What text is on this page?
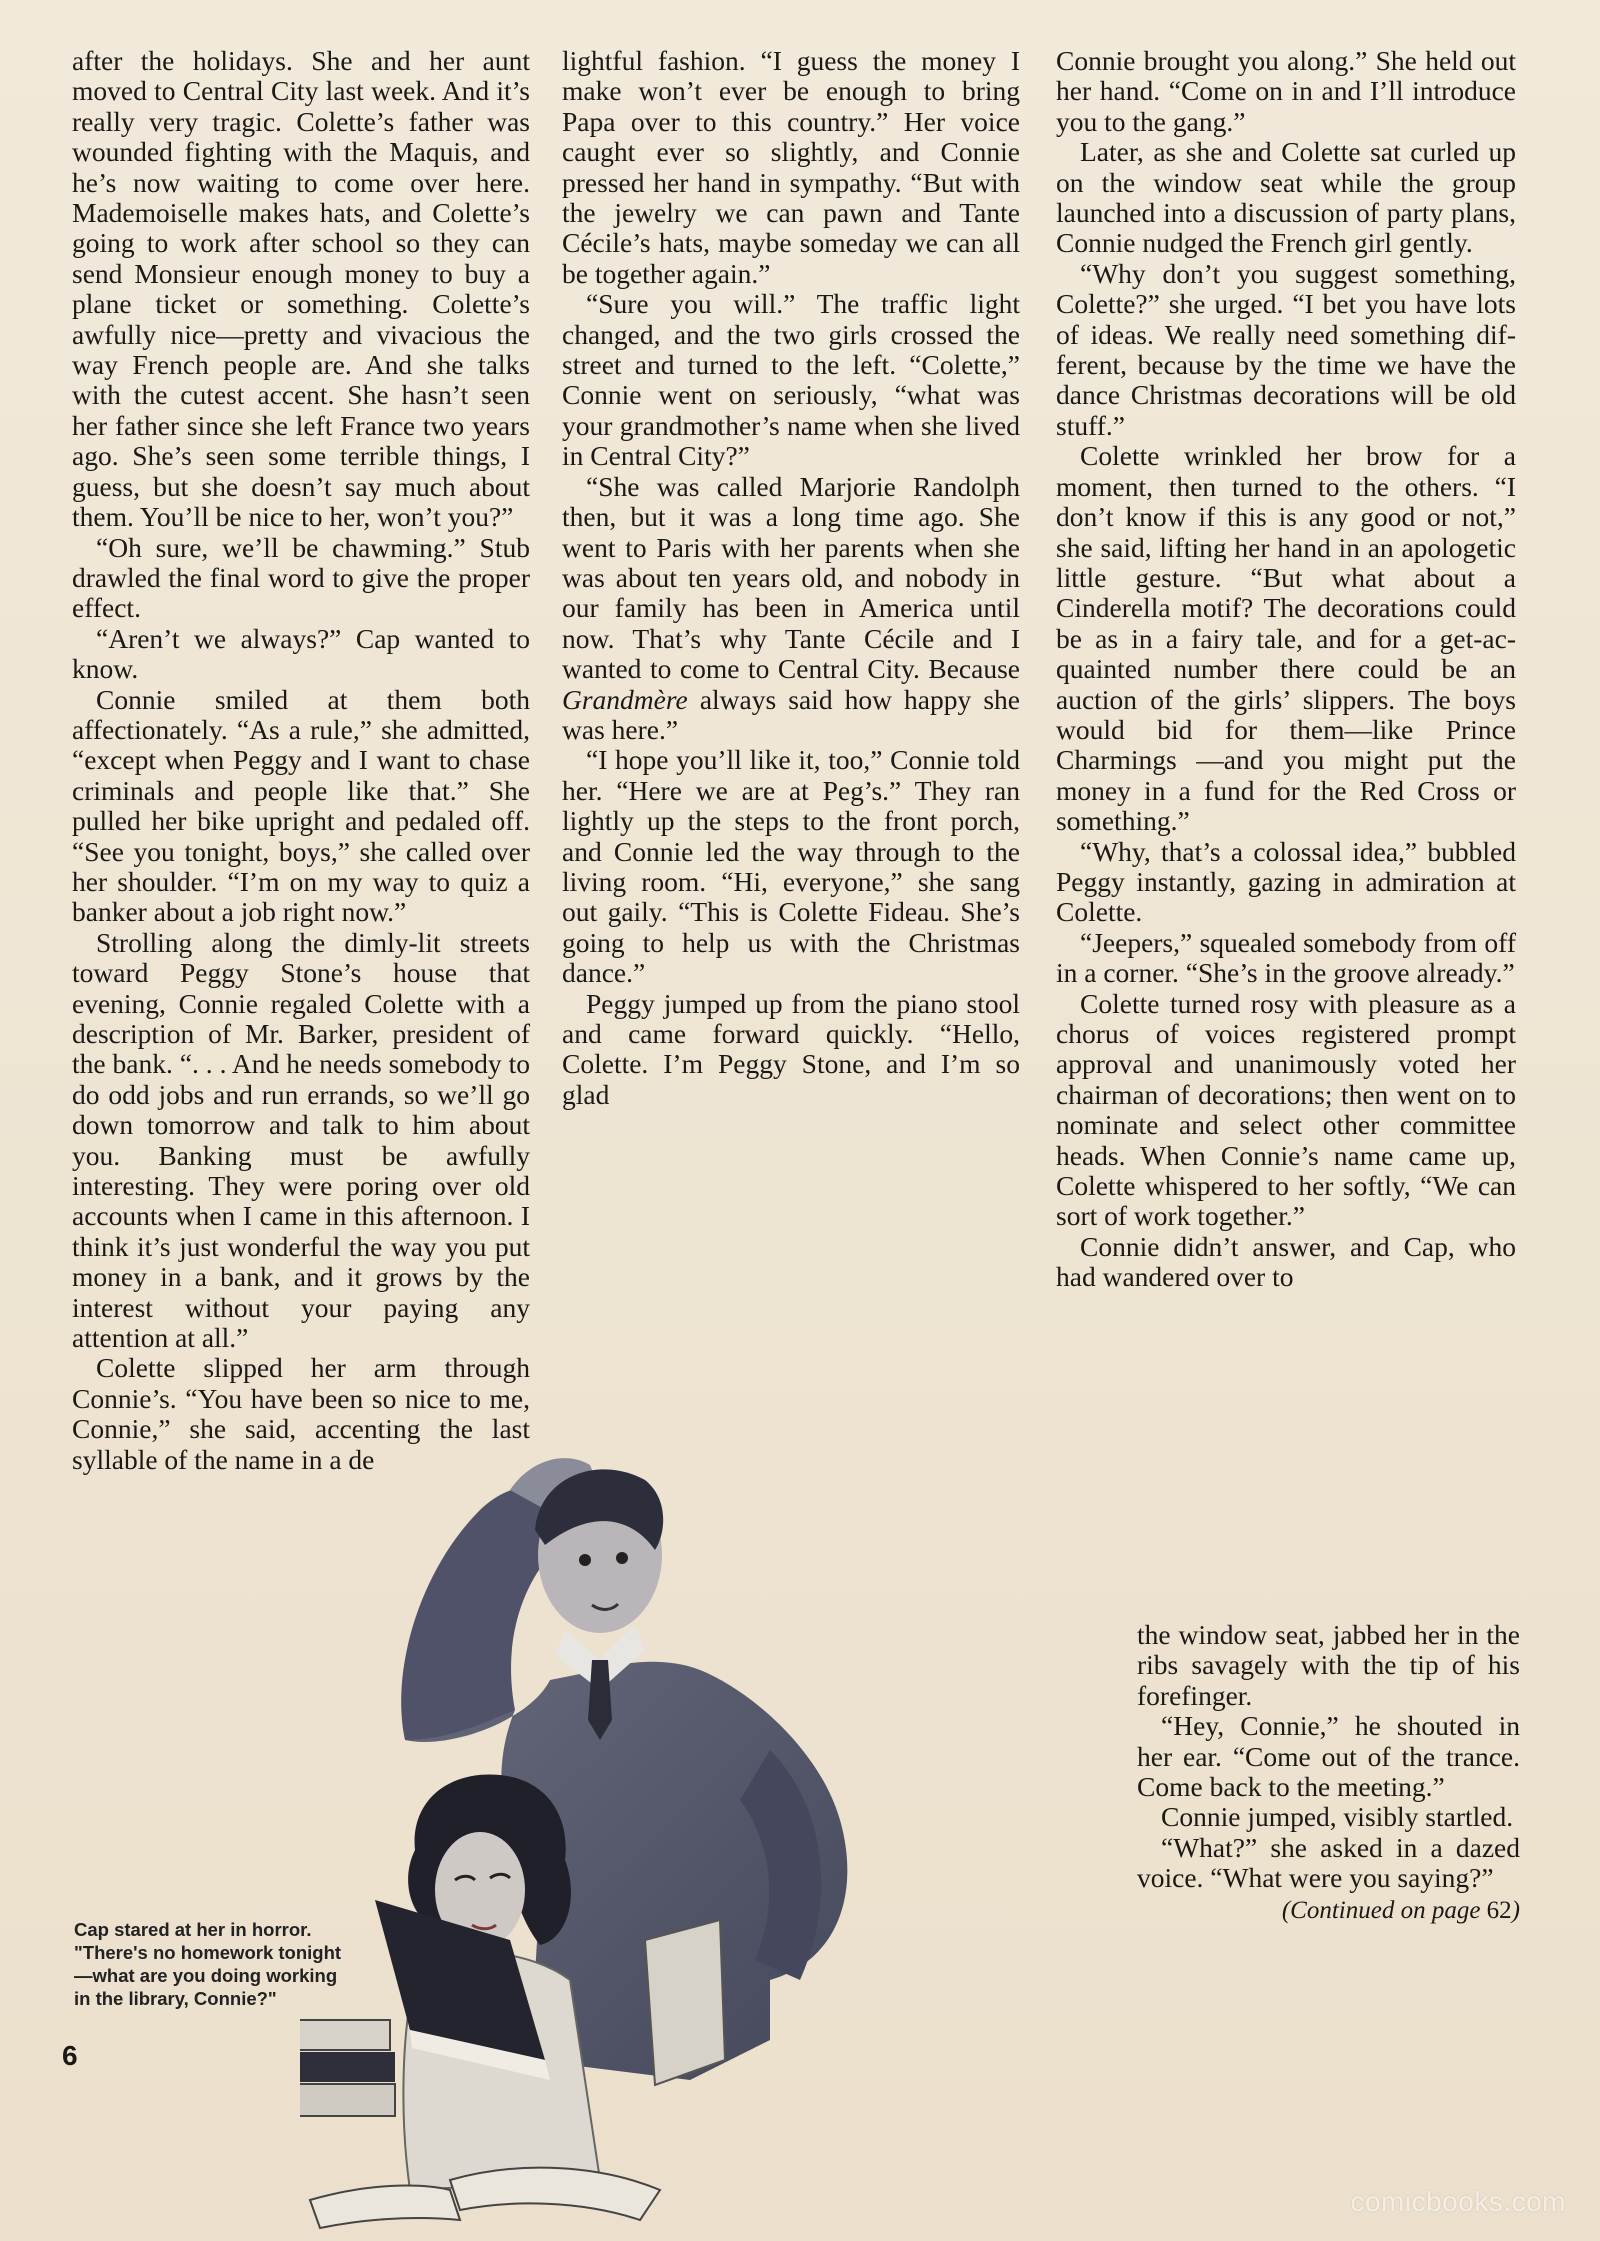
after the holidays. She and her aunt moved to Central City last week. And it’s really very tragic. Colette’s father was wounded fighting with the Maquis, and he’s now waiting to come over here. Mademoiselle makes hats, and Colette’s going to work after school so they can send Monsieur enough money to buy a plane ticket or something. Colette’s awfully nice—pretty and vivacious the way French people are. And she talks with the cutest accent. She hasn’t seen her father since she left France two years ago. She’s seen some terrible things, I guess, but she doesn’t say much about them. You’ll be nice to her, won’t you?”

“Oh sure, we’ll be chawming.” Stub drawled the final word to give the proper effect.

“Aren’t we always?” Cap wanted to know.

Connie smiled at them both affectionately. “As a rule,” she admitted, “except when Peggy and I want to chase criminals and people like that.” She pulled her bike upright and pedaled off. “See you tonight, boys,” she called over her shoulder. “I’m on my way to quiz a banker about a job right now.”

Strolling along the dimly-lit streets toward Peggy Stone’s house that evening, Connie regaled Colette with a description of Mr. Barker, president of the bank. “. . . And he needs somebody to do odd jobs and run errands, so we’ll go down tomorrow and talk to him about you. Banking must be awfully interesting. They were poring over old accounts when I came in this afternoon. I think it’s just wonderful the way you put money in a bank, and it grows by the interest without your paying any attention at all.”

Colette slipped her arm through Connie’s. “You have been so nice to me, Connie,” she said, accenting the last syllable of the name in a de

lightful fashion. “I guess the money I make won’t ever be enough to bring Papa over to this country.” Her voice caught ever so slightly, and Connie pressed her hand in sympathy. “But with the jewelry we can pawn and Tante Cécile’s hats, maybe someday we can all be together again.”

“Sure you will.” The traffic light changed, and the two girls crossed the street and turned to the left. “Colette,” Connie went on seriously, “what was your grandmother’s name when she lived in Central City?”

“She was called Marjorie Randolph then, but it was a long time ago. She went to Paris with her parents when she was about ten years old, and nobody in our family has been in America until now. That’s why Tante Cécile and I wanted to come to Central City. Because Grandmère always said how happy she was here.”

“I hope you’ll like it, too,” Connie told her. “Here we are at Peg’s.” They ran lightly up the steps to the front porch, and Connie led the way through to the living room. “Hi, everyone,” she sang out gaily. “This is Colette Fideau. She’s going to help us with the Christmas dance.”

Peggy jumped up from the piano stool and came forward quickly. “Hello, Colette. I’m Peggy Stone, and I’m so glad

Connie brought you along.” She held out her hand. “Come on in and I’ll introduce you to the gang.”

Later, as she and Colette sat curled up on the window seat while the group launched into a discussion of party plans, Connie nudged the French girl gently.

“Why don’t you suggest something, Colette?” she urged. “I bet you have lots of ideas. We really need something different, because by the time we have the dance Christmas decorations will be old stuff.”

Colette wrinkled her brow for a moment, then turned to the others. “I don’t know if this is any good or not,” she said, lifting her hand in an apologetic little gesture. “But what about a Cinderella motif? The decorations could be as in a fairy tale, and for a get-acquainted number there could be an auction of the girls’ slippers. The boys would bid for them—like Prince Charmings —and you might put the money in a fund for the Red Cross or something.”

“Why, that’s a colossal idea,” bubbled Peggy instantly, gazing in admiration at Colette.

“Jeepers,” squealed somebody from off in a corner. “She’s in the groove already.”

Colette turned rosy with pleasure as a chorus of voices registered prompt approval and unanimously voted her chairman of decorations; then went on to nominate and select other committee heads. When Connie’s name came up, Colette whispered to her softly, “We can sort of work together.”

Connie didn’t answer, and Cap, who had wandered over to

the window seat, jabbed her in the ribs savagely with the tip of his forefinger.

“Hey, Connie,” he shouted in her ear. “Come out of the trance. Come back to the meeting.”

Connie jumped, visibly startled.

“What?” she asked in a dazed voice. “What were you saying?”

(Continued on page 62)
Cap stared at her in horror. "There's no homework tonight—what are you doing working in the library, Connie?"
6
comicbooks.com
